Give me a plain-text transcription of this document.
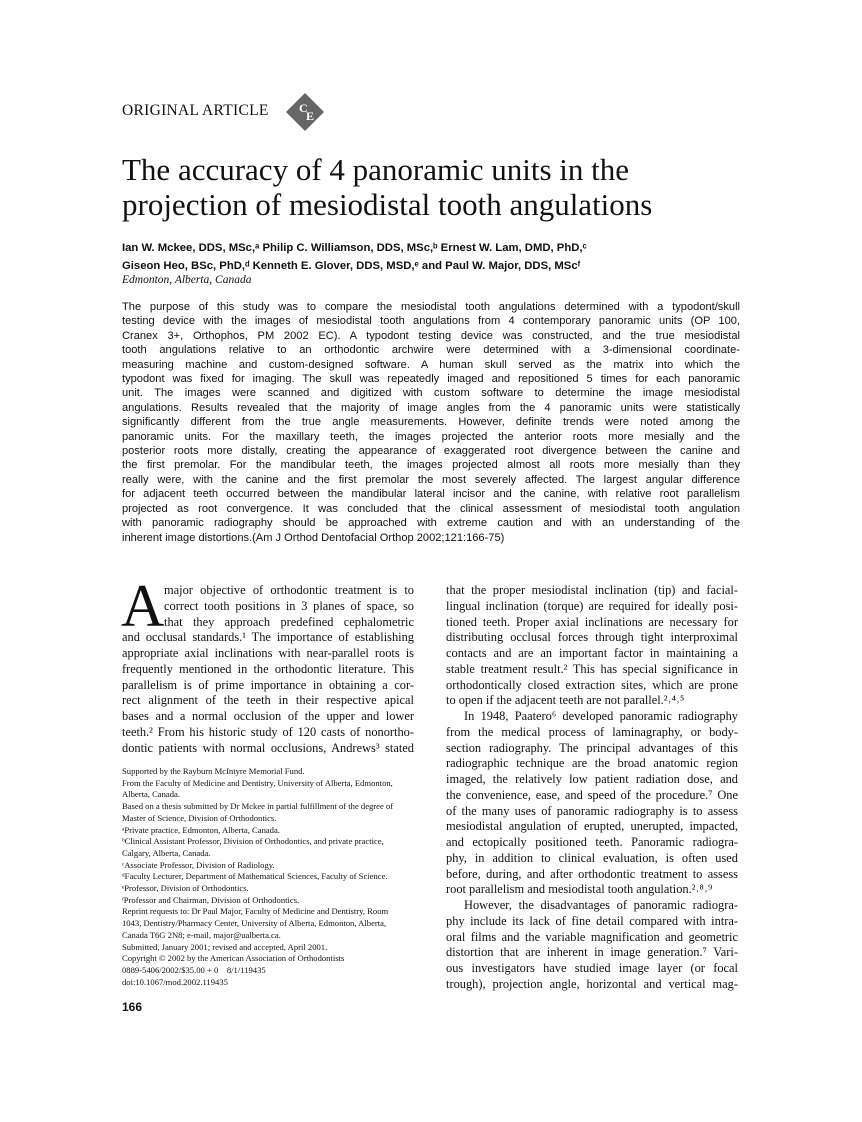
ORIGINAL ARTICLE	C
E
The accuracy of 4 panoramic units in the
projection of mesiodistal tooth angulations
Ian W. Mckee, DDS, MSc,ᵃ Philip C. Williamson, DDS, MSc,ᵇ Ernest W. Lam, DMD, PhD,ᶜ
Giseon Heo, BSc, PhD,ᵈ Kenneth E. Glover, DDS, MSD,ᵉ and Paul W. Major, DDS, MScᶠ
Edmonton, Alberta, Canada
The purpose of this study was to compare the mesiodistal tooth angulations determined with a typodont/skull
testing device with the images of mesiodistal tooth angulations from 4 contemporary panoramic units (OP 100,
Cranex 3+, Orthophos, PM 2002 EC). A typodont testing device was constructed, and the true mesiodistal
tooth angulations relative to an orthodontic archwire were determined with a 3-dimensional coordinate-
measuring machine and custom-designed software. A human skull served as the matrix into which the
typodont was fixed for imaging. The skull was repeatedly imaged and repositioned 5 times for each panoramic
unit. The images were scanned and digitized with custom software to determine the image mesiodistal
angulations. Results revealed that the majority of image angles from the 4 panoramic units were statistically
significantly different from the true angle measurements. However, definite trends were noted among the
panoramic units. For the maxillary teeth, the images projected the anterior roots more mesially and the
posterior roots more distally, creating the appearance of exaggerated root divergence between the canine and
the first premolar. For the mandibular teeth, the images projected almost all roots more mesially than they
really were, with the canine and the first premolar the most severely affected. The largest angular difference
for adjacent teeth occurred between the mandibular lateral incisor and the canine, with relative root parallelism
projected as root convergence. It was concluded that the clinical assessment of mesiodistal tooth angulation
with panoramic radiography should be approached with extreme caution and with an understanding of the
inherent image distortions.(Am J Orthod Dentofacial Orthop 2002;121:166-75)
A major objective of orthodontic treatment is to
correct tooth positions in 3 planes of space, so
that they approach predefined cephalometric
and occlusal standards.¹ The importance of establishing
appropriate axial inclinations with near-parallel roots is
frequently mentioned in the orthodontic literature. This
parallelism is of prime importance in obtaining a cor-
rect alignment of the teeth in their respective apical
bases and a normal occlusion of the upper and lower
teeth.² From his historic study of 120 casts of nonortho-
dontic patients with normal occlusions, Andrews³ stated
that the proper mesiodistal inclination (tip) and facial-
lingual inclination (torque) are required for ideally posi-
tioned teeth. Proper axial inclinations are necessary for
distributing occlusal forces through tight interproximal
contacts and are an important factor in maintaining a
stable treatment result.² This has special significance in
orthodontically closed extraction sites, which are prone
to open if the adjacent teeth are not parallel.²˒⁴˒⁵
In 1948, Paatero⁶ developed panoramic radiography
from the medical process of laminagraphy, or body-
section radiography. The principal advantages of this
radiographic technique are the broad anatomic region
imaged, the relatively low patient radiation dose, and
the convenience, ease, and speed of the procedure.⁷ One
of the many uses of panoramic radiography is to assess
mesiodistal angulation of erupted, unerupted, impacted,
and ectopically positioned teeth. Panoramic radiogra-
phy, in addition to clinical evaluation, is often used
before, during, and after orthodontic treatment to assess
root parallelism and mesiodistal tooth angulation.²˒⁸˒⁹
However, the disadvantages of panoramic radiogra-
phy include its lack of fine detail compared with intra-
oral films and the variable magnification and geometric
distortion that are inherent in image generation.⁷ Vari-
ous investigators have studied image layer (or focal
trough), projection angle, horizontal and vertical mag-
Supported by the Rayburn McIntyre Memorial Fund.
From the Faculty of Medicine and Dentistry, University of Alberta, Edmonton,
Alberta, Canada.
Based on a thesis submitted by Dr Mckee in partial fulfillment of the degree of
Master of Science, Division of Orthodontics.
ᵃPrivate practice, Edmonton, Alberta, Canada.
ᵇClinical Assistant Professor, Division of Orthodontics, and private practice,
Calgary, Alberta, Canada.
ᶜAssociate Professor, Division of Radiology.
ᵈFaculty Lecturer, Department of Mathematical Sciences, Faculty of Science.
ᵉProfessor, Division of Orthodontics.
ᶠProfessor and Chairman, Division of Orthodontics.
Reprint requests to: Dr Paul Major, Faculty of Medicine and Dentistry, Room
1043, Dentistry/Pharmacy Center, University of Alberta, Edmonton, Alberta,
Canada T6G 2N8; e-mail, major@ualberta.ca.
Submitted, January 2001; revised and accepted, April 2001.
Copyright © 2002 by the American Association of Orthodontists
0889-5406/2002/$35.00 + 0    8/1/119435
doi:10.1067/mod.2002.119435
166
